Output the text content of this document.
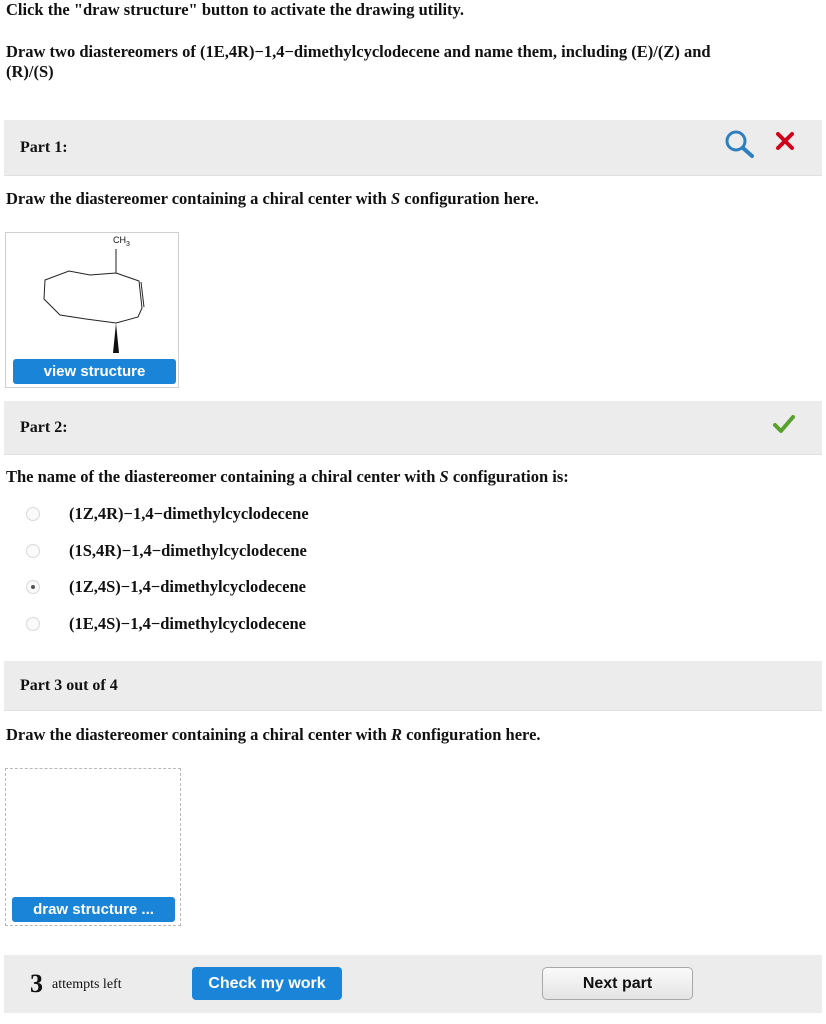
Click the "draw structure" button to activate the drawing utility.
Draw two diastereomers of (1E,4R)−1,4−dimethylcyclodecene and name them, including (E)/(Z) and
(R)/(S)
Part 1:
Draw the diastereomer containing a chiral center with S configuration here.
$CH_3$
view structure
Part 2:
The name of the diastereomer containing a chiral center with S configuration is:
(1Z,4R)−1,4−dimethylcyclodecene
(1S,4R)−1,4−dimethylcyclodecene
(1Z,4S)−1,4−dimethylcyclodecene
(1E,4S)−1,4−dimethylcyclodecene
Part 3 out of 4
Draw the diastereomer containing a chiral center with R configuration here.
draw structure ...
3 attempts left	Check my work	Next part
